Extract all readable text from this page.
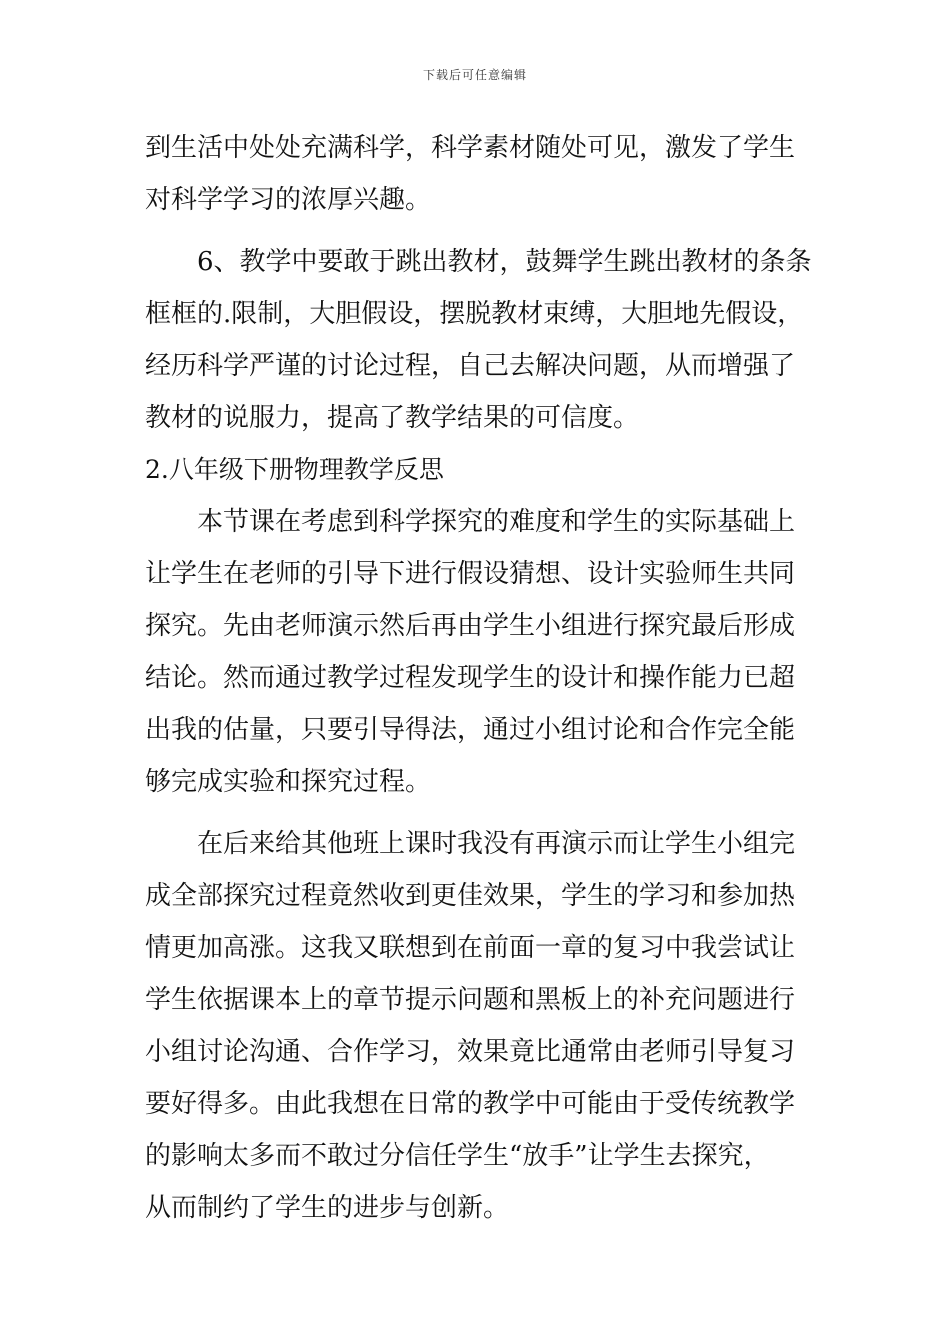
下载后可任意编辑
到生活中处处充满科学，科学素材随处可见，激发了学生
对科学学习的浓厚兴趣。
6、教学中要敢于跳出教材，鼓舞学生跳出教材的条条
框框的.限制，大胆假设，摆脱教材束缚，大胆地先假设，
经历科学严谨的讨论过程，自己去解决问题，从而增强了
教材的说服力，提高了教学结果的可信度。
2.八年级下册物理教学反思
本节课在考虑到科学探究的难度和学生的实际基础上
让学生在老师的引导下进行假设猜想、设计实验师生共同
探究。先由老师演示然后再由学生小组进行探究最后形成
结论。然而通过教学过程发现学生的设计和操作能力已超
出我的估量，只要引导得法，通过小组讨论和合作完全能
够完成实验和探究过程。
在后来给其他班上课时我没有再演示而让学生小组完
成全部探究过程竟然收到更佳效果，学生的学习和参加热
情更加高涨。这我又联想到在前面一章的复习中我尝试让
学生依据课本上的章节提示问题和黑板上的补充问题进行
小组讨论沟通、合作学习，效果竟比通常由老师引导复习
要好得多。由此我想在日常的教学中可能由于受传统教学
的影响太多而不敢过分信任学生“放手”让学生去探究，
从而制约了学生的进步与创新。
